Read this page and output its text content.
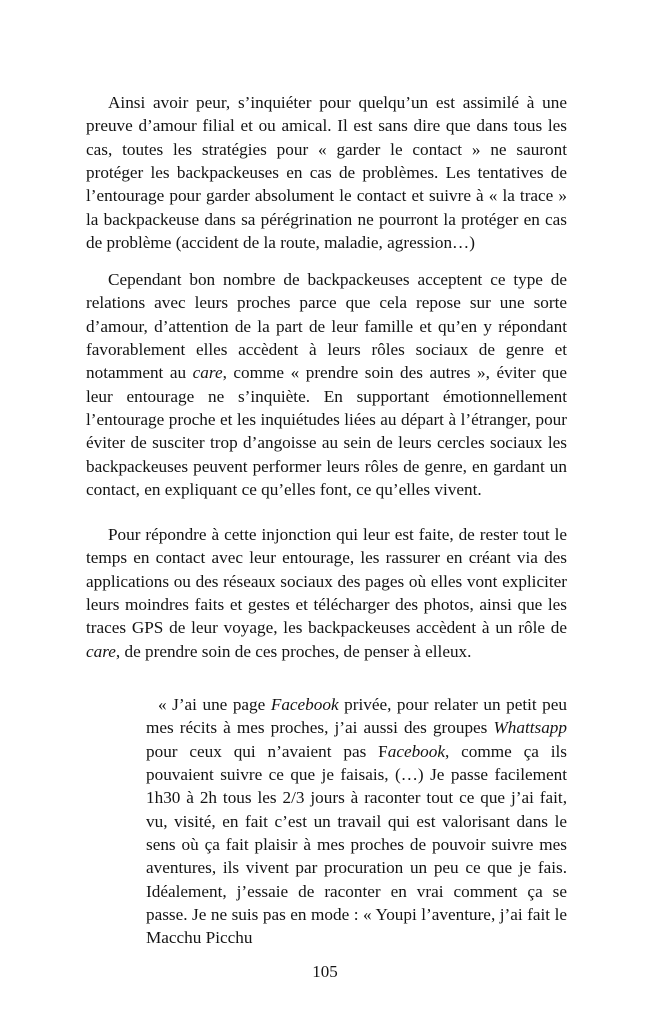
Ainsi avoir peur, s’inquiéter pour quelqu’un est assimilé à une preuve d’amour filial et ou amical. Il est sans dire que dans tous les cas, toutes les stratégies pour « garder le contact » ne sauront protéger les backpackeuses en cas de problèmes. Les tentatives de l’entourage pour garder absolument le contact et suivre à « la trace » la backpackeuse dans sa pérégrination ne pourront la protéger en cas de problème (accident de la route, maladie, agression…)

Cependant bon nombre de backpackeuses acceptent ce type de relations avec leurs proches parce que cela repose sur une sorte d’amour, d’attention de la part de leur famille et qu’en y répondant favorablement elles accèdent à leurs rôles sociaux de genre et notamment au care, comme « prendre soin des autres », éviter que leur entourage ne s’inquiète. En supportant émotionnellement l’entourage proche et les inquiétudes liées au départ à l’étranger, pour éviter de susciter trop d’angoisse au sein de leurs cercles sociaux les backpackeuses peuvent performer leurs rôles de genre, en gardant un contact, en expliquant ce qu’elles font, ce qu’elles vivent.

Pour répondre à cette injonction qui leur est faite, de rester tout le temps en contact avec leur entourage, les rassurer en créant via des applications ou des réseaux sociaux des pages où elles vont expliciter leurs moindres faits et gestes et télécharger des photos, ainsi que les traces GPS de leur voyage, les backpackeuses accèdent à un rôle de care, de prendre soin de ces proches, de penser à elleux.

« J’ai une page Facebook privée, pour relater un petit peu mes récits à mes proches, j’ai aussi des groupes Whattsapp pour ceux qui n’avaient pas Facebook, comme ça ils pouvaient suivre ce que je faisais, (…) Je passe facilement 1h30 à 2h tous les 2/3 jours à raconter tout ce que j’ai fait, vu, visité, en fait c’est un travail qui est valorisant dans le sens où ça fait plaisir à mes proches de pouvoir suivre mes aventures, ils vivent par procuration un peu ce que je fais. Idéalement, j’essaie de raconter en vrai comment ça se passe. Je ne suis pas en mode : « Youpi l’aventure, j’ai fait le Macchu Picchu

105
